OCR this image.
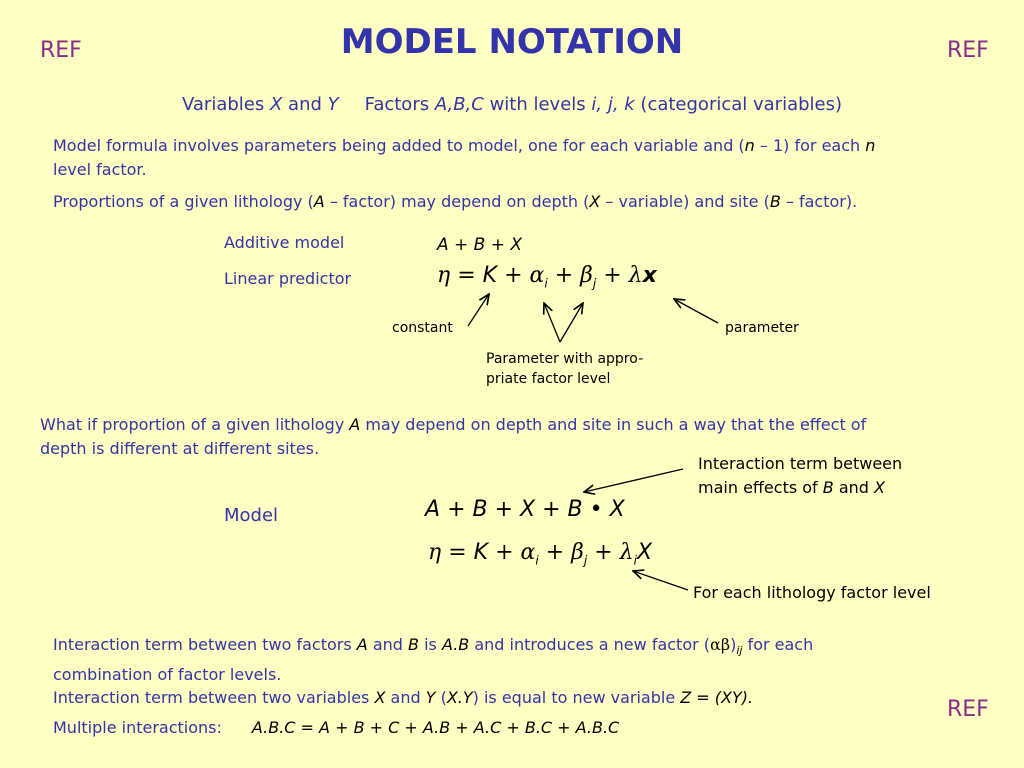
REF	REF
REF
MODEL NOTATION
Variables X and Y Factors A,B,C with levels i, j, k (categorical variables)
Model formula involves parameters being added to model, one for each variable and (n – 1) for each n
level factor.
Proportions of a given lithology (A – factor) may depend on depth (X – variable) and site (B – factor).
Additive model	A + B + X
Linear predictor	$\eta = K + \alpha_i + \beta_j + \lambda x$
constant	parameter
Parameter with appro-
priate factor level
What if proportion of a given lithology A may depend on depth and site in such a way that the effect of
depth is different at different sites.
Interaction term between
main effects of B and X
Model	A + B + X + B • X
$\eta = K + \alpha_i + \beta_j + \lambda_iX$
For each lithology factor level
Interaction term between two factors A and B is A.B and introduces a new factor $(\alpha\beta)_{ij}$ for each
combination of factor levels.
Interaction term between two variables X and Y (X.Y) is equal to new variable Z = (XY).
Multiple interactions: A.B.C = A + B + C + A.B + A.C + B.C + A.B.C
